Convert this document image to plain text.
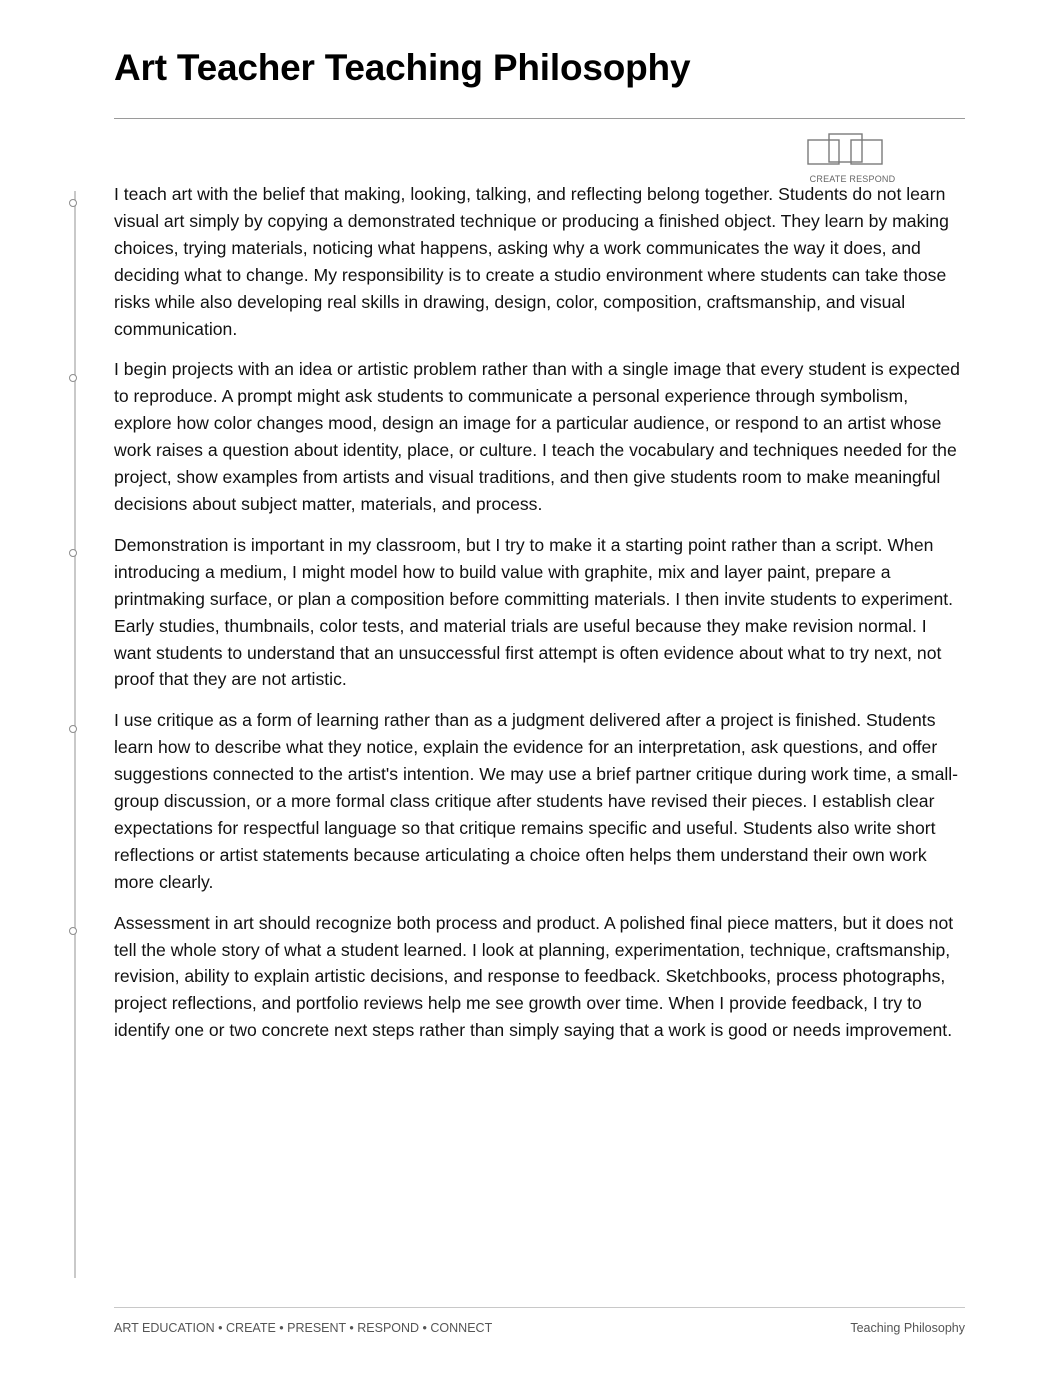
Art Teacher Teaching Philosophy
CREATE RESPOND

I teach art with the belief that making, looking, talking, and reflecting belong together. Students do not learn visual art simply by copying a demonstrated technique or producing a finished object. They learn by making choices, trying materials, noticing what happens, asking why a work communicates the way it does, and deciding what to change. My responsibility is to create a studio environment where students can take those risks while also developing real skills in drawing, design, color, composition, craftsmanship, and visual communication.

I begin projects with an idea or artistic problem rather than with a single image that every student is expected to reproduce. A prompt might ask students to communicate a personal experience through symbolism, explore how color changes mood, design an image for a particular audience, or respond to an artist whose work raises a question about identity, place, or culture. I teach the vocabulary and techniques needed for the project, show examples from artists and visual traditions, and then give students room to make meaningful decisions about subject matter, materials, and process.

Demonstration is important in my classroom, but I try to make it a starting point rather than a script. When introducing a medium, I might model how to build value with graphite, mix and layer paint, prepare a printmaking surface, or plan a composition before committing materials. I then invite students to experiment. Early studies, thumbnails, color tests, and material trials are useful because they make revision normal. I want students to understand that an unsuccessful first attempt is often evidence about what to try next, not proof that they are not artistic.

I use critique as a form of learning rather than as a judgment delivered after a project is finished. Students learn how to describe what they notice, explain the evidence for an interpretation, ask questions, and offer suggestions connected to the artist's intention. We may use a brief partner critique during work time, a small-group discussion, or a more formal class critique after students have revised their pieces. I establish clear expectations for respectful language so that critique remains specific and useful. Students also write short reflections or artist statements because articulating a choice often helps them understand their own work more clearly.

Assessment in art should recognize both process and product. A polished final piece matters, but it does not tell the whole story of what a student learned. I look at planning, experimentation, technique, craftsmanship, revision, ability to explain artistic decisions, and response to feedback. Sketchbooks, process photographs, project reflections, and portfolio reviews help me see growth over time. When I provide feedback, I try to identify one or two concrete next steps rather than simply saying that a work is good or needs improvement.

ART EDUCATION • CREATE • PRESENT • RESPOND • CONNECT	Teaching Philosophy
